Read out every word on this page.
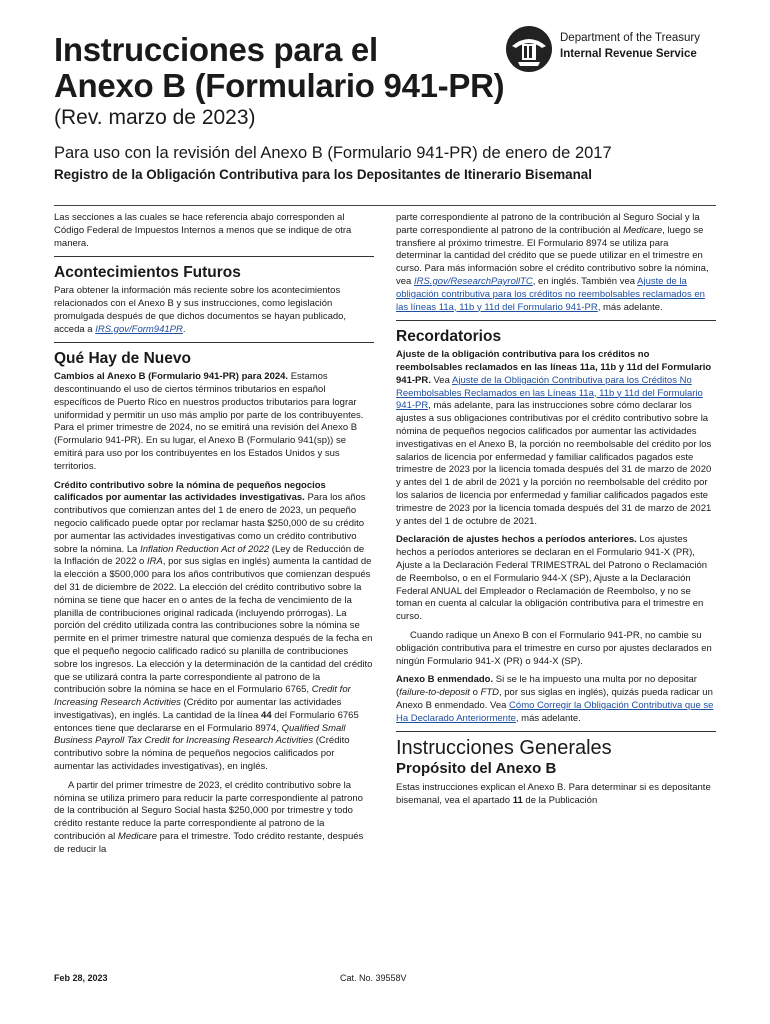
Instrucciones para el
Anexo B (Formulario 941-PR)
(Rev. marzo de 2023)
Para uso con la revisión del Anexo B (Formulario 941-PR) de enero de 2017
Registro de la Obligación Contributiva para los Depositantes de Itinerario Bisemanal
Department of the Treasury
Internal Revenue Service

Las secciones a las cuales se hace referencia abajo corresponden al Código Federal de Impuestos Internos a menos que se indique de otra manera.

Acontecimientos Futuros

Para obtener la información más reciente sobre los acontecimientos relacionados con el Anexo B y sus instrucciones, como legislación promulgada después de que dichos documentos se hayan publicado, acceda a IRS.gov/Form941PR.

Qué Hay de Nuevo

Cambios al Anexo B (Formulario 941-PR) para 2024. Estamos descontinuando el uso de ciertos términos tributarios en español específicos de Puerto Rico en nuestros productos tributarios para lograr uniformidad y permitir un uso más amplio por parte de los contribuyentes. Para el primer trimestre de 2024, no se emitirá una revisión del Anexo B (Formulario 941-PR). En su lugar, el Anexo B (Formulario 941(sp)) se emitirá para uso por los contribuyentes en los Estados Unidos y sus territorios.

Crédito contributivo sobre la nómina de pequeños negocios calificados por aumentar las actividades investigativas. Para los años contributivos que comienzan antes del 1 de enero de 2023, un pequeño negocio calificado puede optar por reclamar hasta $250,000 de su crédito por aumentar las actividades investigativas como un crédito contributivo sobre la nómina. La Inflation Reduction Act of 2022 (Ley de Reducción de la Inflación de 2022 o IRA, por sus siglas en inglés) aumenta la cantidad de la elección a $500,000 para los años contributivos que comienzan después del 31 de diciembre de 2022. La elección del crédito contributivo sobre la nómina se tiene que hacer en o antes de la fecha de vencimiento de la planilla de contribuciones original radicada (incluyendo prórrogas). La porción del crédito utilizada contra las contribuciones sobre la nómina se permite en el primer trimestre natural que comienza después de la fecha en que el pequeño negocio calificado radicó su planilla de contribuciones sobre los ingresos. La elección y la determinación de la cantidad del crédito que se utilizará contra la parte correspondiente al patrono de la contribución sobre la nómina se hace en el Formulario 6765, Credit for Increasing Research Activities (Crédito por aumentar las actividades investigativas), en inglés. La cantidad de la línea 44 del Formulario 6765 entonces tiene que declararse en el Formulario 8974, Qualified Small Business Payroll Tax Credit for Increasing Research Activities (Crédito contributivo sobre la nómina de pequeños negocios calificados por aumentar las actividades investigativas), en inglés.

A partir del primer trimestre de 2023, el crédito contributivo sobre la nómina se utiliza primero para reducir la parte correspondiente al patrono de la contribución al Seguro Social hasta $250,000 por trimestre y todo crédito restante reduce la parte correspondiente al patrono de la contribución al Medicare para el trimestre. Todo crédito restante, después de reducir la

parte correspondiente al patrono de la contribución al Seguro Social y la parte correspondiente al patrono de la contribución al Medicare, luego se transfiere al próximo trimestre. El Formulario 8974 se utiliza para determinar la cantidad del crédito que se puede utilizar en el trimestre en curso. Para más información sobre el crédito contributivo sobre la nómina, vea IRS.gov/ResearchPayrollTC, en inglés. También vea Ajuste de la obligación contributiva para los créditos no reembolsables reclamados en las líneas 11a, 11b y 11d del Formulario 941-PR, más adelante.

Recordatorios

Ajuste de la obligación contributiva para los créditos no reembolsables reclamados en las líneas 11a, 11b y 11d del Formulario 941-PR. Vea Ajuste de la Obligación Contributiva para los Créditos No Reembolsables Reclamados en las Líneas 11a, 11b y 11d del Formulario 941-PR, más adelante, para las instrucciones sobre cómo declarar los ajustes a sus obligaciones contributivas por el crédito contributivo sobre la nómina de pequeños negocios calificados por aumentar las actividades investigativas en el Anexo B, la porción no reembolsable del crédito por los salarios de licencia por enfermedad y familiar calificados pagados este trimestre de 2023 por la licencia tomada después del 31 de marzo de 2020 y antes del 1 de abril de 2021 y la porción no reembolsable del crédito por los salarios de licencia por enfermedad y familiar calificados pagados este trimestre de 2023 por la licencia tomada después del 31 de marzo de 2021 y antes del 1 de octubre de 2021.

Declaración de ajustes hechos a períodos anteriores. Los ajustes hechos a períodos anteriores se declaran en el Formulario 941-X (PR), Ajuste a la Declaración Federal TRIMESTRAL del Patrono o Reclamación de Reembolso, o en el Formulario 944-X (SP), Ajuste a la Declaración Federal ANUAL del Empleador o Reclamación de Reembolso, y no se toman en cuenta al calcular la obligación contributiva para el trimestre en curso.

Cuando radique un Anexo B con el Formulario 941-PR, no cambie su obligación contributiva para el trimestre en curso por ajustes declarados en ningún Formulario 941-X (PR) o 944-X (SP).

Anexo B enmendado. Si se le ha impuesto una multa por no depositar (failure-to-deposit o FTD, por sus siglas en inglés), quizás pueda radicar un Anexo B enmendado. Vea Cómo Corregir la Obligación Contributiva que se Ha Declarado Anteriormente, más adelante.

Instrucciones Generales
Propósito del Anexo B

Estas instrucciones explican el Anexo B. Para determinar si es depositante bisemanal, vea el apartado 11 de la Publicación

Feb 28, 2023	Cat. No. 39558V
